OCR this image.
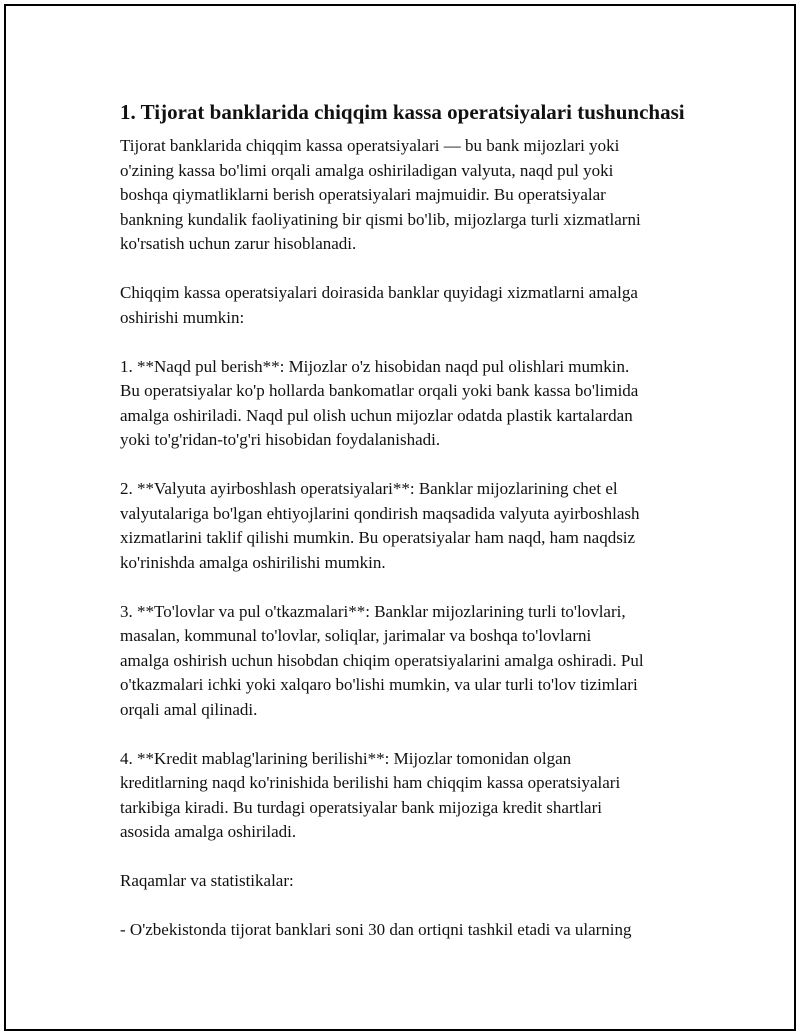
1. Tijorat banklarida chiqqim kassa operatsiyalari tushunchasi

Tijorat banklarida chiqqim kassa operatsiyalari — bu bank mijozlari yoki

o'zining kassa bo'limi orqali amalga oshiriladigan valyuta, naqd pul yoki

boshqa qiymatliklarni berish operatsiyalari majmuidir. Bu operatsiyalar

bankning kundalik faoliyatining bir qismi bo'lib, mijozlarga turli xizmatlarni

ko'rsatish uchun zarur hisoblanadi.

Chiqqim kassa operatsiyalari doirasida banklar quyidagi xizmatlarni amalga

oshirishi mumkin:

1. **Naqd pul berish**: Mijozlar o'z hisobidan naqd pul olishlari mumkin.

Bu operatsiyalar ko'p hollarda bankomatlar orqali yoki bank kassa bo'limida

amalga oshiriladi. Naqd pul olish uchun mijozlar odatda plastik kartalardan

yoki to'g'ridan-to'g'ri hisobidan foydalanishadi.

2. **Valyuta ayirboshlash operatsiyalari**: Banklar mijozlarining chet el

valyutalariga bo'lgan ehtiyojlarini qondirish maqsadida valyuta ayirboshlash

xizmatlarini taklif qilishi mumkin. Bu operatsiyalar ham naqd, ham naqdsiz

ko'rinishda amalga oshirilishi mumkin.

3. **To'lovlar va pul o'tkazmalari**: Banklar mijozlarining turli to'lovlari,

masalan, kommunal to'lovlar, soliqlar, jarimalar va boshqa to'lovlarni

amalga oshirish uchun hisobdan chiqim operatsiyalarini amalga oshiradi. Pul

o'tkazmalari ichki yoki xalqaro bo'lishi mumkin, va ular turli to'lov tizimlari

orqali amal qilinadi.

4. **Kredit mablag'larining berilishi**: Mijozlar tomonidan olgan

kreditlarning naqd ko'rinishida berilishi ham chiqqim kassa operatsiyalari

tarkibiga kiradi. Bu turdagi operatsiyalar bank mijoziga kredit shartlari

asosida amalga oshiriladi.

Raqamlar va statistikalar:

- O'zbekistonda tijorat banklari soni 30 dan ortiqni tashkil etadi va ularning
